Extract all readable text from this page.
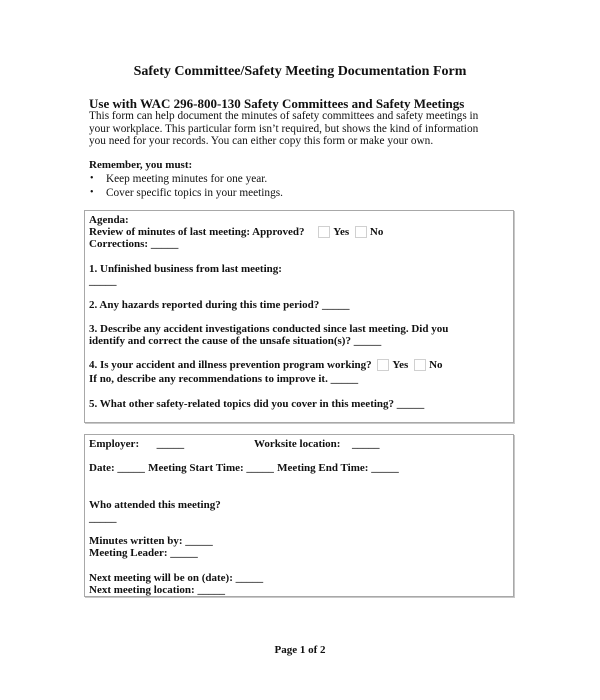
Safety Committee/Safety Meeting Documentation Form
Use with WAC 296-800-130 Safety Committees and Safety Meetings
This form can help document the minutes of safety committees and safety meetings in
your workplace. This particular form isn’t required, but shows the kind of information
you need for your records. You can either copy this form or make your own.
Remember, you must:
• Keep meeting minutes for one year.
• Cover specific topics in your meetings.
Agenda:
Review of minutes of last meeting: Approved?	Yes No
Corrections: _____
1. Unfinished business from last meeting:
_____
2. Any hazards reported during this time period? _____
3. Describe any accident investigations conducted since last meeting. Did you
identify and correct the cause of the unsafe situation(s)? _____
4. Is your accident and illness prevention program working? Yes No
If no, describe any recommendations to improve it. _____
5. What other safety-related topics did you cover in this meeting? _____
Employer: _____	Worksite location: _____
Date: _____ Meeting Start Time: _____ Meeting End Time: _____
Who attended this meeting?
_____
Minutes written by: _____
Meeting Leader: _____
Next meeting will be on (date): _____
Next meeting location: _____
Page 1 of 2
